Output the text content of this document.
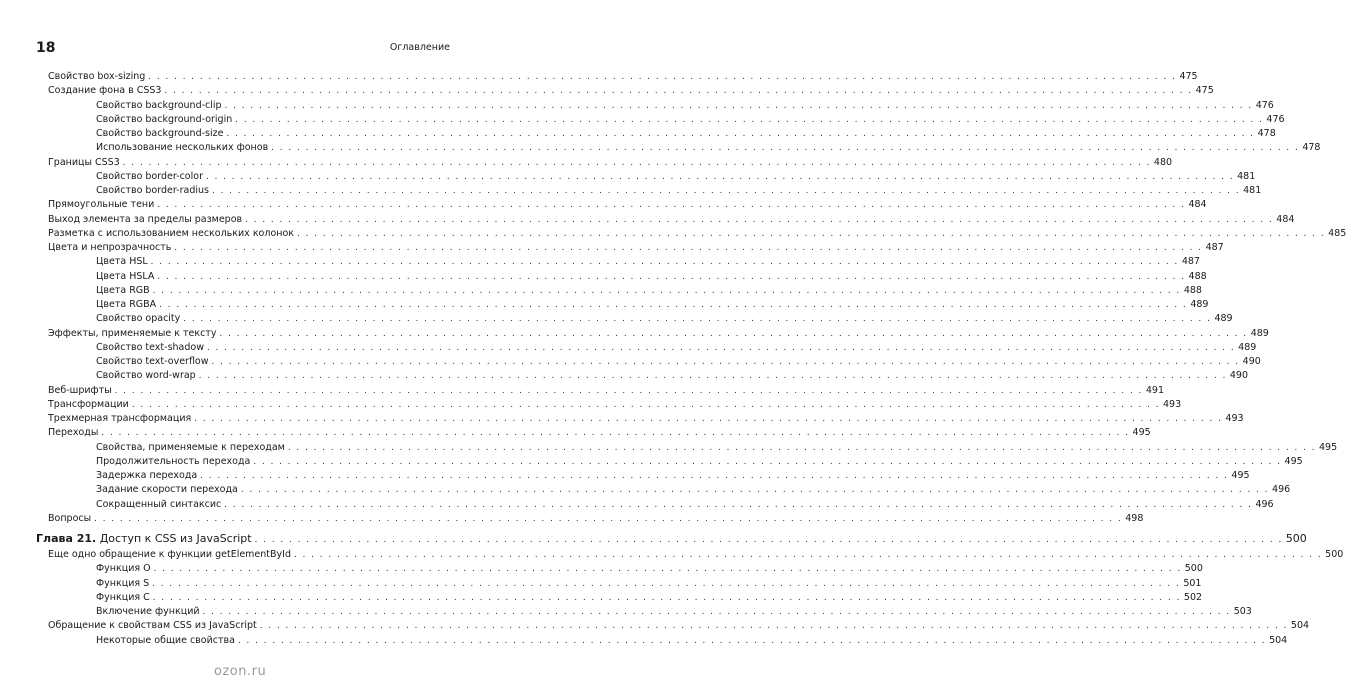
18	Оглавление
Свойство box-sizing . . . . . . . . . . . . . . . . . . . . . . . . . . . . . . . . . . . . . . . . . . . . . . . . . . . . . . . . . . . . . . . . . . . . . . . . . . . . . . . . . . . . . . . . . . . . . . . . . . . . . . . . . . . . . . . . . . . . . . . . 475
Создание фона в CSS3 . . . . . . . . . . . . . . . . . . . . . . . . . . . . . . . . . . . . . . . . . . . . . . . . . . . . . . . . . . . . . . . . . . . . . . . . . . . . . . . . . . . . . . . . . . . . . . . . . . . . . . . . . . . . . . . . . . . . . . . . 475
Свойство background-clip . . . . . . . . . . . . . . . . . . . . . . . . . . . . . . . . . . . . . . . . . . . . . . . . . . . . . . . . . . . . . . . . . . . . . . . . . . . . . . . . . . . . . . . . . . . . . . . . . . . . . . . . . . . . . . . . . . . . . . . . 476
Свойство background-origin . . . . . . . . . . . . . . . . . . . . . . . . . . . . . . . . . . . . . . . . . . . . . . . . . . . . . . . . . . . . . . . . . . . . . . . . . . . . . . . . . . . . . . . . . . . . . . . . . . . . . . . . . . . . . . . . . . . . . . . . 476
Свойство background-size . . . . . . . . . . . . . . . . . . . . . . . . . . . . . . . . . . . . . . . . . . . . . . . . . . . . . . . . . . . . . . . . . . . . . . . . . . . . . . . . . . . . . . . . . . . . . . . . . . . . . . . . . . . . . . . . . . . . . . . . 478
Использование нескольких фонов . . . . . . . . . . . . . . . . . . . . . . . . . . . . . . . . . . . . . . . . . . . . . . . . . . . . . . . . . . . . . . . . . . . . . . . . . . . . . . . . . . . . . . . . . . . . . . . . . . . . . . . . . . . . . . . . . . . . . . . . 478
Границы CSS3 . . . . . . . . . . . . . . . . . . . . . . . . . . . . . . . . . . . . . . . . . . . . . . . . . . . . . . . . . . . . . . . . . . . . . . . . . . . . . . . . . . . . . . . . . . . . . . . . . . . . . . . . . . . . . . . . . . . . . . . . 480
Свойство border-color . . . . . . . . . . . . . . . . . . . . . . . . . . . . . . . . . . . . . . . . . . . . . . . . . . . . . . . . . . . . . . . . . . . . . . . . . . . . . . . . . . . . . . . . . . . . . . . . . . . . . . . . . . . . . . . . . . . . . . . . 481
Свойство border-radius . . . . . . . . . . . . . . . . . . . . . . . . . . . . . . . . . . . . . . . . . . . . . . . . . . . . . . . . . . . . . . . . . . . . . . . . . . . . . . . . . . . . . . . . . . . . . . . . . . . . . . . . . . . . . . . . . . . . . . . . 481
Прямоугольные тени . . . . . . . . . . . . . . . . . . . . . . . . . . . . . . . . . . . . . . . . . . . . . . . . . . . . . . . . . . . . . . . . . . . . . . . . . . . . . . . . . . . . . . . . . . . . . . . . . . . . . . . . . . . . . . . . . . . . . . . . 484
Выход элемента за пределы размеров . . . . . . . . . . . . . . . . . . . . . . . . . . . . . . . . . . . . . . . . . . . . . . . . . . . . . . . . . . . . . . . . . . . . . . . . . . . . . . . . . . . . . . . . . . . . . . . . . . . . . . . . . . . . . . . . . . . . . . . . 484
Разметка с использованием нескольких колонок . . . . . . . . . . . . . . . . . . . . . . . . . . . . . . . . . . . . . . . . . . . . . . . . . . . . . . . . . . . . . . . . . . . . . . . . . . . . . . . . . . . . . . . . . . . . . . . . . . . . . . . . . . . . . . . . . . . . . . . . 485
Цвета и непрозрачность . . . . . . . . . . . . . . . . . . . . . . . . . . . . . . . . . . . . . . . . . . . . . . . . . . . . . . . . . . . . . . . . . . . . . . . . . . . . . . . . . . . . . . . . . . . . . . . . . . . . . . . . . . . . . . . . . . . . . . . . 487
Цвета HSL . . . . . . . . . . . . . . . . . . . . . . . . . . . . . . . . . . . . . . . . . . . . . . . . . . . . . . . . . . . . . . . . . . . . . . . . . . . . . . . . . . . . . . . . . . . . . . . . . . . . . . . . . . . . . . . . . . . . . . . . 487
Цвета HSLA . . . . . . . . . . . . . . . . . . . . . . . . . . . . . . . . . . . . . . . . . . . . . . . . . . . . . . . . . . . . . . . . . . . . . . . . . . . . . . . . . . . . . . . . . . . . . . . . . . . . . . . . . . . . . . . . . . . . . . . . 488
Цвета RGB . . . . . . . . . . . . . . . . . . . . . . . . . . . . . . . . . . . . . . . . . . . . . . . . . . . . . . . . . . . . . . . . . . . . . . . . . . . . . . . . . . . . . . . . . . . . . . . . . . . . . . . . . . . . . . . . . . . . . . . . 488
Цвета RGBA . . . . . . . . . . . . . . . . . . . . . . . . . . . . . . . . . . . . . . . . . . . . . . . . . . . . . . . . . . . . . . . . . . . . . . . . . . . . . . . . . . . . . . . . . . . . . . . . . . . . . . . . . . . . . . . . . . . . . . . . 489
Свойство opacity . . . . . . . . . . . . . . . . . . . . . . . . . . . . . . . . . . . . . . . . . . . . . . . . . . . . . . . . . . . . . . . . . . . . . . . . . . . . . . . . . . . . . . . . . . . . . . . . . . . . . . . . . . . . . . . . . . . . . . . . 489
Эффекты, применяемые к тексту . . . . . . . . . . . . . . . . . . . . . . . . . . . . . . . . . . . . . . . . . . . . . . . . . . . . . . . . . . . . . . . . . . . . . . . . . . . . . . . . . . . . . . . . . . . . . . . . . . . . . . . . . . . . . . . . . . . . . . . . 489
Свойство text-shadow . . . . . . . . . . . . . . . . . . . . . . . . . . . . . . . . . . . . . . . . . . . . . . . . . . . . . . . . . . . . . . . . . . . . . . . . . . . . . . . . . . . . . . . . . . . . . . . . . . . . . . . . . . . . . . . . . . . . . . . . 489
Свойство text-overflow . . . . . . . . . . . . . . . . . . . . . . . . . . . . . . . . . . . . . . . . . . . . . . . . . . . . . . . . . . . . . . . . . . . . . . . . . . . . . . . . . . . . . . . . . . . . . . . . . . . . . . . . . . . . . . . . . . . . . . . . 490
Свойство word-wrap . . . . . . . . . . . . . . . . . . . . . . . . . . . . . . . . . . . . . . . . . . . . . . . . . . . . . . . . . . . . . . . . . . . . . . . . . . . . . . . . . . . . . . . . . . . . . . . . . . . . . . . . . . . . . . . . . . . . . . . . 490
Веб-шрифты . . . . . . . . . . . . . . . . . . . . . . . . . . . . . . . . . . . . . . . . . . . . . . . . . . . . . . . . . . . . . . . . . . . . . . . . . . . . . . . . . . . . . . . . . . . . . . . . . . . . . . . . . . . . . . . . . . . . . . . . 491
Трансформации . . . . . . . . . . . . . . . . . . . . . . . . . . . . . . . . . . . . . . . . . . . . . . . . . . . . . . . . . . . . . . . . . . . . . . . . . . . . . . . . . . . . . . . . . . . . . . . . . . . . . . . . . . . . . . . . . . . . . . . . 493
Трехмерная трансформация . . . . . . . . . . . . . . . . . . . . . . . . . . . . . . . . . . . . . . . . . . . . . . . . . . . . . . . . . . . . . . . . . . . . . . . . . . . . . . . . . . . . . . . . . . . . . . . . . . . . . . . . . . . . . . . . . . . . . . . . 493
Переходы . . . . . . . . . . . . . . . . . . . . . . . . . . . . . . . . . . . . . . . . . . . . . . . . . . . . . . . . . . . . . . . . . . . . . . . . . . . . . . . . . . . . . . . . . . . . . . . . . . . . . . . . . . . . . . . . . . . . . . . . 495
Свойства, применяемые к переходам . . . . . . . . . . . . . . . . . . . . . . . . . . . . . . . . . . . . . . . . . . . . . . . . . . . . . . . . . . . . . . . . . . . . . . . . . . . . . . . . . . . . . . . . . . . . . . . . . . . . . . . . . . . . . . . . . . . . . . . . 495
Продолжительность перехода . . . . . . . . . . . . . . . . . . . . . . . . . . . . . . . . . . . . . . . . . . . . . . . . . . . . . . . . . . . . . . . . . . . . . . . . . . . . . . . . . . . . . . . . . . . . . . . . . . . . . . . . . . . . . . . . . . . . . . . . 495
Задержка перехода . . . . . . . . . . . . . . . . . . . . . . . . . . . . . . . . . . . . . . . . . . . . . . . . . . . . . . . . . . . . . . . . . . . . . . . . . . . . . . . . . . . . . . . . . . . . . . . . . . . . . . . . . . . . . . . . . . . . . . . . 495
Задание скорости перехода . . . . . . . . . . . . . . . . . . . . . . . . . . . . . . . . . . . . . . . . . . . . . . . . . . . . . . . . . . . . . . . . . . . . . . . . . . . . . . . . . . . . . . . . . . . . . . . . . . . . . . . . . . . . . . . . . . . . . . . . 496
Сокращенный синтаксис . . . . . . . . . . . . . . . . . . . . . . . . . . . . . . . . . . . . . . . . . . . . . . . . . . . . . . . . . . . . . . . . . . . . . . . . . . . . . . . . . . . . . . . . . . . . . . . . . . . . . . . . . . . . . . . . . . . . . . . . 496
Вопросы . . . . . . . . . . . . . . . . . . . . . . . . . . . . . . . . . . . . . . . . . . . . . . . . . . . . . . . . . . . . . . . . . . . . . . . . . . . . . . . . . . . . . . . . . . . . . . . . . . . . . . . . . . . . . . . . . . . . . . . . 498
Глава 21. Доступ к CSS из JavaScript . . . . . . . . . . . . . . . . . . . . . . . . . . . . . . . . . . . . . . . . . . . . . . . . . . . . . . . . . . . . . . . . . . . . . . . . . . . . . . . . . . . . . . . . . . . . . . . . . . . . . . . . . . . . . . . . . . . . . . . . 500
Еще одно обращение к функции getElementById . . . . . . . . . . . . . . . . . . . . . . . . . . . . . . . . . . . . . . . . . . . . . . . . . . . . . . . . . . . . . . . . . . . . . . . . . . . . . . . . . . . . . . . . . . . . . . . . . . . . . . . . . . . . . . . . . . . . . . . . 500
Функция O . . . . . . . . . . . . . . . . . . . . . . . . . . . . . . . . . . . . . . . . . . . . . . . . . . . . . . . . . . . . . . . . . . . . . . . . . . . . . . . . . . . . . . . . . . . . . . . . . . . . . . . . . . . . . . . . . . . . . . . . 500
Функция S . . . . . . . . . . . . . . . . . . . . . . . . . . . . . . . . . . . . . . . . . . . . . . . . . . . . . . . . . . . . . . . . . . . . . . . . . . . . . . . . . . . . . . . . . . . . . . . . . . . . . . . . . . . . . . . . . . . . . . . . 501
Функция C . . . . . . . . . . . . . . . . . . . . . . . . . . . . . . . . . . . . . . . . . . . . . . . . . . . . . . . . . . . . . . . . . . . . . . . . . . . . . . . . . . . . . . . . . . . . . . . . . . . . . . . . . . . . . . . . . . . . . . . . 502
Включение функций . . . . . . . . . . . . . . . . . . . . . . . . . . . . . . . . . . . . . . . . . . . . . . . . . . . . . . . . . . . . . . . . . . . . . . . . . . . . . . . . . . . . . . . . . . . . . . . . . . . . . . . . . . . . . . . . . . . . . . . . 503
Обращение к свойствам CSS из JavaScript . . . . . . . . . . . . . . . . . . . . . . . . . . . . . . . . . . . . . . . . . . . . . . . . . . . . . . . . . . . . . . . . . . . . . . . . . . . . . . . . . . . . . . . . . . . . . . . . . . . . . . . . . . . . . . . . . . . . . . . . 504
Некоторые общие свойства . . . . . . . . . . . . . . . . . . . . . . . . . . . . . . . . . . . . . . . . . . . . . . . . . . . . . . . . . . . . . . . . . . . . . . . . . . . . . . . . . . . . . . . . . . . . . . . . . . . . . . . . . . . . . . . . . . . . . . . . 504
ozon.ru
